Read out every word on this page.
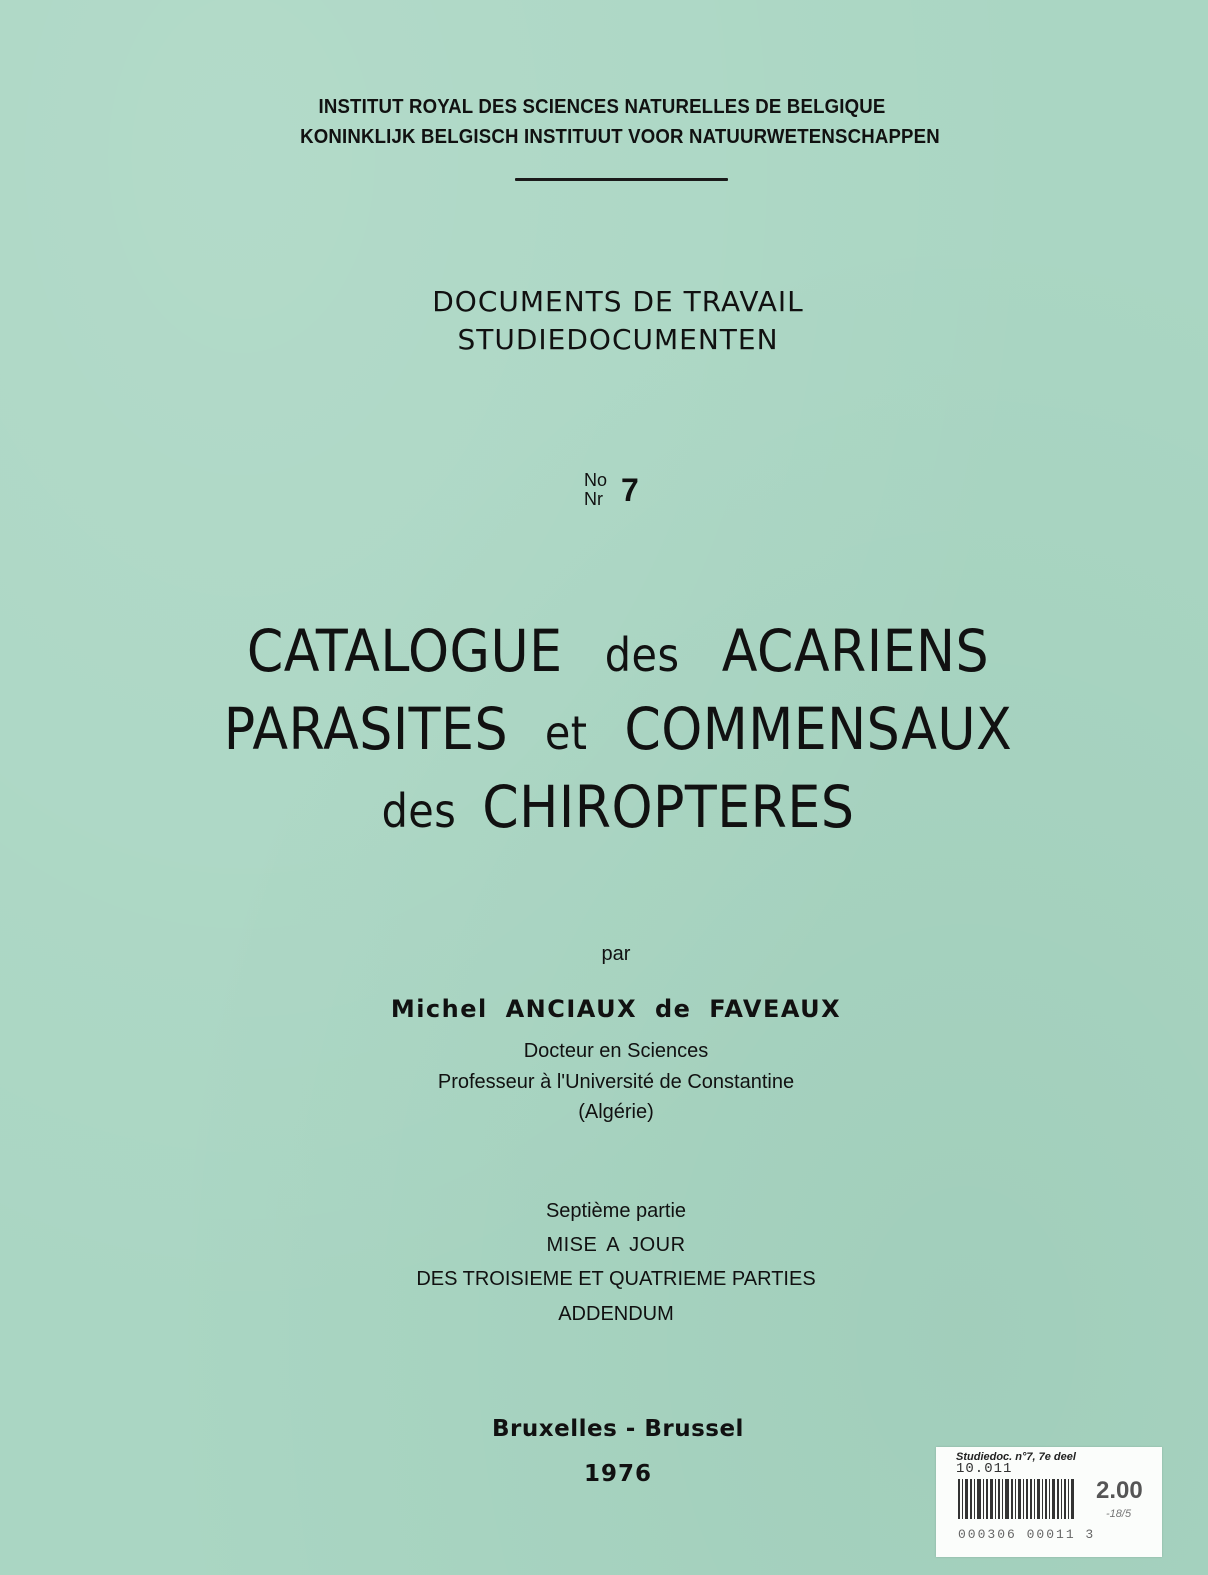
INSTITUT ROYAL DES SCIENCES NATURELLES DE BELGIQUE
KONINKLIJK BELGISCH INSTITUUT VOOR NATUURWETENSCHAPPEN
DOCUMENTS DE TRAVAIL
STUDIEDOCUMENTEN
No
Nr 7
CATALOGUE des ACARIENS
PARASITES et COMMENSAUX
des CHIROPTERES
par
Michel ANCIAUX de FAVEAUX
Docteur en Sciences
Professeur à l'Université de Constantine
(Algérie)
Septième partie
MISE A JOUR
DES TROISIEME ET QUATRIEME PARTIES
ADDENDUM
Bruxelles - Brussel
1976
Studiedoc. n°7, 7e deel
10.011
2.00
-18/5
000306 00011 3
